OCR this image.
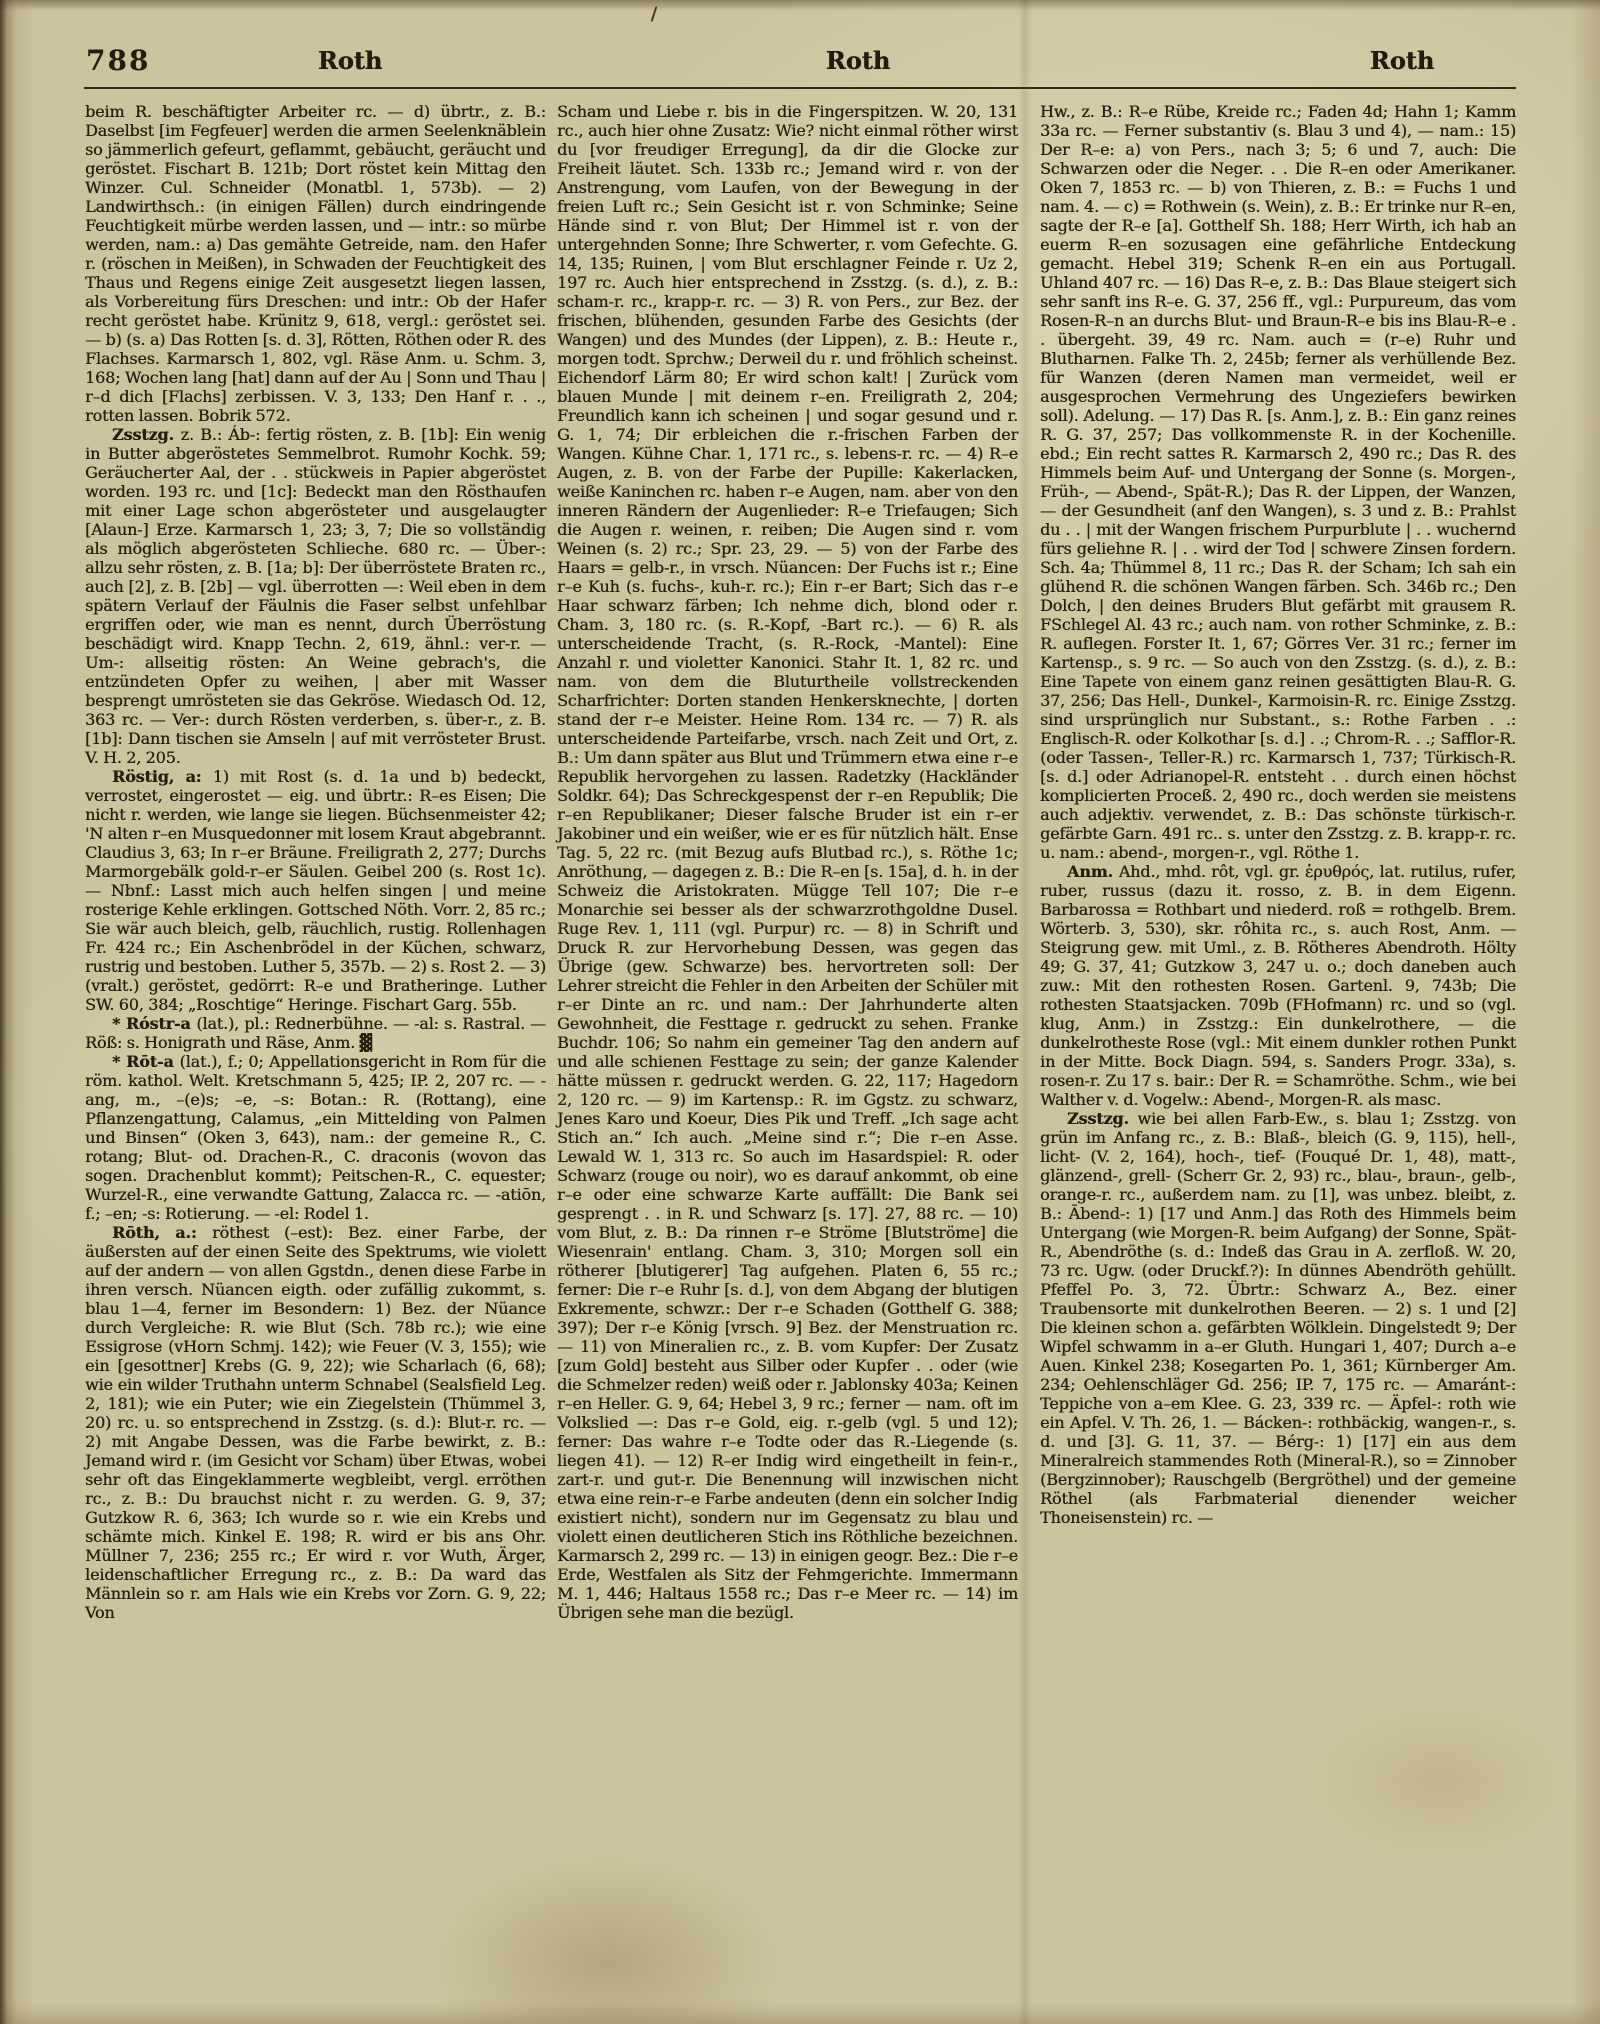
788	Roth	Roth	Roth

beim R. beschäftigter Arbeiter rc. — d) übrtr., z. B.: Daselbst [im Fegfeuer] werden die armen Seelenknäblein so jämmerlich gefeurt, geflammt, gebäucht, geräucht und geröstet. Fischart B. 121b; Dort röstet kein Mittag den Winzer. Cul. Schneider (Monatbl. 1, 573b). — 2) Landwirthsch.: (in einigen Fällen) durch eindringende Feuchtigkeit mürbe werden lassen, und — intr.: so mürbe werden, nam.: a) Das gemähte Getreide, nam. den Hafer r. (röschen in Meißen), in Schwaden der Feuchtigkeit des Thaus und Regens einige Zeit ausgesetzt liegen lassen, als Vorbereitung fürs Dreschen: und intr.: Ob der Hafer recht geröstet habe. Krünitz 9, 618, vergl.: geröstet sei. — b) (s. a) Das Rotten [s. d. 3], Rötten, Röthen oder R. des Flachses. Karmarsch 1, 802, vgl. Räse Anm. u. Schm. 3, 168; Wochen lang [hat] dann auf der Au | Sonn und Thau | r–d dich [Flachs] zerbissen. V. 3, 133; Den Hanf r. . ., rotten lassen. Bobrik 572.

Zsstzg. z. B.: Áb-: fertig rösten, z. B. [1b]: Ein wenig in Butter abgeröstetes Semmelbrot. Rumohr Kochk. 59; Geräucherter Aal, der . . stückweis in Papier abgeröstet worden. 193 rc. und [1c]: Bedeckt man den Rösthaufen mit einer Lage schon abgerösteter und ausgelaugter [Alaun-] Erze. Karmarsch 1, 23; 3, 7; Die so vollständig als möglich abgerösteten Schlieche. 680 rc. — Über-: allzu sehr rösten, z. B. [1a; b]: Der überröstete Braten rc., auch [2], z. B. [2b] — vgl. überrotten —: Weil eben in dem spätern Verlauf der Fäulnis die Faser selbst unfehlbar ergriffen oder, wie man es nennt, durch Überröstung beschädigt wird. Knapp Techn. 2, 619, ähnl.: ver-r. — Um-: allseitig rösten: An Weine gebrach's, die entzündeten Opfer zu weihen, | aber mit Wasser besprengt umrösteten sie das Gekröse. Wiedasch Od. 12, 363 rc. — Ver-: durch Rösten verderben, s. über-r., z. B. [1b]: Dann tischen sie Amseln | auf mit verrösteter Brust. V. H. 2, 205.

Röstig, a: 1) mit Rost (s. d. 1a und b) bedeckt, verrostet, eingerostet — eig. und übrtr.: R–es Eisen; Die nicht r. werden, wie lange sie liegen. Büchsenmeister 42; 'N alten r–en Musquedonner mit losem Kraut abgebrannt. Claudius 3, 63; In r–er Bräune. Freiligrath 2, 277; Durchs Marmorgebälk gold-r–er Säulen. Geibel 200 (s. Rost 1c). — Nbnf.: Lasst mich auch helfen singen | und meine rosterige Kehle erklingen. Gottsched Nöth. Vorr. 2, 85 rc.; Sie wär auch bleich, gelb, räuchlich, rustig. Rollenhagen Fr. 424 rc.; Ein Aschenbrödel in der Küchen, schwarz, rustrig und bestoben. Luther 5, 357b. — 2) s. Rost 2. — 3) (vralt.) geröstet, gedörrt: R–e und Bratheringe. Luther SW. 60, 384; „Roschtige“ Heringe. Fischart Garg. 55b.

* Róstr-a (lat.), pl.: Rednerbühne. — -al: s. Rastral. — Röß: s. Honigrath und Räse, Anm. ▓

* Rōt-a (lat.), f.; 0; Appellationsgericht in Rom für die röm. kathol. Welt. Kretschmann 5, 425; IP. 2, 207 rc. — -ang, m., –(e)s; –e, –s: Botan.: R. (Rottang), eine Pflanzengattung, Calamus, „ein Mittelding von Palmen und Binsen“ (Oken 3, 643), nam.: der gemeine R., C. rotang; Blut- od. Drachen-R., C. draconis (wovon das sogen. Drachenblut kommt); Peitschen-R., C. equester; Wurzel-R., eine verwandte Gattung, Zalacca rc. — -atiōn, f.; –en; -s: Rotierung. — -el: Rodel 1.

Rōth, a.: röthest (–est): Bez. einer Farbe, der äußersten auf der einen Seite des Spektrums, wie violett auf der andern — von allen Ggstdn., denen diese Farbe in ihren versch. Nüancen eigth. oder zufällig zukommt, s. blau 1—4, ferner im Besondern: 1) Bez. der Nüance durch Vergleiche: R. wie Blut (Sch. 78b rc.); wie eine Essigrose (vHorn Schmj. 142); wie Feuer (V. 3, 155); wie ein [gesottner] Krebs (G. 9, 22); wie Scharlach (6, 68); wie ein wilder Truthahn unterm Schnabel (Sealsfield Leg. 2, 181); wie ein Puter; wie ein Ziegelstein (Thümmel 3, 20) rc. u. so entsprechend in Zsstzg. (s. d.): Blut-r. rc. — 2) mit Angabe Dessen, was die Farbe bewirkt, z. B.: Jemand wird r. (im Gesicht vor Scham) über Etwas, wobei sehr oft das Eingeklammerte wegbleibt, vergl. erröthen rc., z. B.: Du brauchst nicht r. zu werden. G. 9, 37; Gutzkow R. 6, 363; Ich wurde so r. wie ein Krebs und schämte mich. Kinkel E. 198; R. wird er bis ans Ohr. Müllner 7, 236; 255 rc.; Er wird r. vor Wuth, Ärger, leidenschaftlicher Erregung rc., z. B.: Da ward das Männlein so r. am Hals wie ein Krebs vor Zorn. G. 9, 22; Von

Scham und Liebe r. bis in die Fingerspitzen. W. 20, 131 rc., auch hier ohne Zusatz: Wie? nicht einmal röther wirst du [vor freudiger Erregung], da dir die Glocke zur Freiheit läutet. Sch. 133b rc.; Jemand wird r. von der Anstrengung, vom Laufen, von der Bewegung in der freien Luft rc.; Sein Gesicht ist r. von Schminke; Seine Hände sind r. von Blut; Der Himmel ist r. von der untergehnden Sonne; Ihre Schwerter, r. vom Gefechte. G. 14, 135; Ruinen, | vom Blut erschlagner Feinde r. Uz 2, 197 rc. Auch hier entsprechend in Zsstzg. (s. d.), z. B.: scham-r. rc., krapp-r. rc. — 3) R. von Pers., zur Bez. der frischen, blühenden, gesunden Farbe des Gesichts (der Wangen) und des Mundes (der Lippen), z. B.: Heute r., morgen todt. Sprchw.; Derweil du r. und fröhlich scheinst. Eichendorf Lärm 80; Er wird schon kalt! | Zurück vom blauen Munde | mit deinem r–en. Freiligrath 2, 204; Freundlich kann ich scheinen | und sogar gesund und r. G. 1, 74; Dir erbleichen die r.-frischen Farben der Wangen. Kühne Char. 1, 171 rc., s. lebens-r. rc. — 4) R–e Augen, z. B. von der Farbe der Pupille: Kakerlacken, weiße Kaninchen rc. haben r–e Augen, nam. aber von den inneren Rändern der Augenlieder: R–e Triefaugen; Sich die Augen r. weinen, r. reiben; Die Augen sind r. vom Weinen (s. 2) rc.; Spr. 23, 29. — 5) von der Farbe des Haars = gelb-r., in vrsch. Nüancen: Der Fuchs ist r.; Eine r–e Kuh (s. fuchs-, kuh-r. rc.); Ein r–er Bart; Sich das r–e Haar schwarz färben; Ich nehme dich, blond oder r. Cham. 3, 180 rc. (s. R.-Kopf, -Bart rc.). — 6) R. als unterscheidende Tracht, (s. R.-Rock, -Mantel): Eine Anzahl r. und violetter Kanonici. Stahr It. 1, 82 rc. und nam. von dem die Bluturtheile vollstreckenden Scharfrichter: Dorten standen Henkersknechte, | dorten stand der r–e Meister. Heine Rom. 134 rc. — 7) R. als unterscheidende Parteifarbe, vrsch. nach Zeit und Ort, z. B.: Um dann später aus Blut und Trümmern etwa eine r–e Republik hervorgehen zu lassen. Radetzky (Hackländer Soldkr. 64); Das Schreckgespenst der r–en Republik; Die r–en Republikaner; Dieser falsche Bruder ist ein r–er Jakobiner und ein weißer, wie er es für nützlich hält. Ense Tag. 5, 22 rc. (mit Bezug aufs Blutbad rc.), s. Röthe 1c; Anröthung, — dagegen z. B.: Die R–en [s. 15a], d. h. in der Schweiz die Aristokraten. Mügge Tell 107; Die r–e Monarchie sei besser als der schwarzrothgoldne Dusel. Ruge Rev. 1, 111 (vgl. Purpur) rc. — 8) in Schrift und Druck R. zur Hervorhebung Dessen, was gegen das Übrige (gew. Schwarze) bes. hervortreten soll: Der Lehrer streicht die Fehler in den Arbeiten der Schüler mit r–er Dinte an rc. und nam.: Der Jahrhunderte alten Gewohnheit, die Festtage r. gedruckt zu sehen. Franke Buchdr. 106; So nahm ein gemeiner Tag den andern auf und alle schienen Festtage zu sein; der ganze Kalender hätte müssen r. gedruckt werden. G. 22, 117; Hagedorn 2, 120 rc. — 9) im Kartensp.: R. im Ggstz. zu schwarz, Jenes Karo und Koeur, Dies Pik und Treff. „Ich sage acht Stich an.“ Ich auch. „Meine sind r.“; Die r–en Asse. Lewald W. 1, 313 rc. So auch im Hasardspiel: R. oder Schwarz (rouge ou noir), wo es darauf ankommt, ob eine r–e oder eine schwarze Karte auffällt: Die Bank sei gesprengt . . in R. und Schwarz [s. 17]. 27, 88 rc. — 10) vom Blut, z. B.: Da rinnen r–e Ströme [Blutströme] die Wiesenrain' entlang. Cham. 3, 310; Morgen soll ein rötherer [blutigerer] Tag aufgehen. Platen 6, 55 rc.; ferner: Die r–e Ruhr [s. d.], von dem Abgang der blutigen Exkremente, schwzr.: Der r–e Schaden (Gotthelf G. 388; 397); Der r–e König [vrsch. 9] Bez. der Menstruation rc. — 11) von Mineralien rc., z. B. vom Kupfer: Der Zusatz [zum Gold] besteht aus Silber oder Kupfer . . oder (wie die Schmelzer reden) weiß oder r. Jablonsky 403a; Keinen r–en Heller. G. 9, 64; Hebel 3, 9 rc.; ferner — nam. oft im Volkslied —: Das r–e Gold, eig. r.-gelb (vgl. 5 und 12); ferner: Das wahre r–e Todte oder das R.-Liegende (s. liegen 41). — 12) R–er Indig wird eingetheilt in fein-r., zart-r. und gut-r. Die Benennung will inzwischen nicht etwa eine rein-r–e Farbe andeuten (denn ein solcher Indig existiert nicht), sondern nur im Gegensatz zu blau und violett einen deutlicheren Stich ins Röthliche bezeichnen. Karmarsch 2, 299 rc. — 13) in einigen geogr. Bez.: Die r–e Erde, Westfalen als Sitz der Fehmgerichte. Immermann M. 1, 446; Haltaus 1558 rc.; Das r–e Meer rc. — 14) im Übrigen sehe man die bezügl.

Hw., z. B.: R–e Rübe, Kreide rc.; Faden 4d; Hahn 1; Kamm 33a rc. — Ferner substantiv (s. Blau 3 und 4), — nam.: 15) Der R–e: a) von Pers., nach 3; 5; 6 und 7, auch: Die Schwarzen oder die Neger. . . Die R–en oder Amerikaner. Oken 7, 1853 rc. — b) von Thieren, z. B.: = Fuchs 1 und nam. 4. — c) = Rothwein (s. Wein), z. B.: Er trinke nur R–en, sagte der R–e [a]. Gotthelf Sh. 188; Herr Wirth, ich hab an euerm R–en sozusagen eine gefährliche Entdeckung gemacht. Hebel 319; Schenk R–en ein aus Portugall. Uhland 407 rc. — 16) Das R–e, z. B.: Das Blaue steigert sich sehr sanft ins R–e. G. 37, 256 ff., vgl.: Purpureum, das vom Rosen-R–n an durchs Blut- und Braun-R–e bis ins Blau-R–e . . übergeht. 39, 49 rc. Nam. auch = (r–e) Ruhr und Blutharnen. Falke Th. 2, 245b; ferner als verhüllende Bez. für Wanzen (deren Namen man vermeidet, weil er ausgesprochen Vermehrung des Ungeziefers bewirken soll). Adelung. — 17) Das R. [s. Anm.], z. B.: Ein ganz reines R. G. 37, 257; Das vollkommenste R. in der Kochenille. ebd.; Ein recht sattes R. Karmarsch 2, 490 rc.; Das R. des Himmels beim Auf- und Untergang der Sonne (s. Morgen-, Früh-, — Abend-, Spät-R.); Das R. der Lippen, der Wanzen, — der Gesundheit (anf den Wangen), s. 3 und z. B.: Prahlst du . . | mit der Wangen frischem Purpurblute | . . wuchernd fürs geliehne R. | . . wird der Tod | schwere Zinsen fordern. Sch. 4a; Thümmel 8, 11 rc.; Das R. der Scham; Ich sah ein glühend R. die schönen Wangen färben. Sch. 346b rc.; Den Dolch, | den deines Bruders Blut gefärbt mit grausem R. FSchlegel Al. 43 rc.; auch nam. von rother Schminke, z. B.: R. auflegen. Forster It. 1, 67; Görres Ver. 31 rc.; ferner im Kartensp., s. 9 rc. — So auch von den Zsstzg. (s. d.), z. B.: Eine Tapete von einem ganz reinen gesättigten Blau-R. G. 37, 256; Das Hell-, Dunkel-, Karmoisin-R. rc. Einige Zsstzg. sind ursprünglich nur Substant., s.: Rothe Farben . .: Englisch-R. oder Kolkothar [s. d.] . .; Chrom-R. . .; Safflor-R. (oder Tassen-, Teller-R.) rc. Karmarsch 1, 737; Türkisch-R. [s. d.] oder Adrianopel-R. entsteht . . durch einen höchst komplicierten Proceß. 2, 490 rc., doch werden sie meistens auch adjektiv. verwendet, z. B.: Das schönste türkisch-r. gefärbte Garn. 491 rc.. s. unter den Zsstzg. z. B. krapp-r. rc. u. nam.: abend-, morgen-r., vgl. Röthe 1.

Anm. Ahd., mhd. rôt, vgl. gr. ἐρυθρός, lat. rutilus, rufer, ruber, russus (dazu it. rosso, z. B. in dem Eigenn. Barbarossa = Rothbart und niederd. roß = rothgelb. Brem. Wörterb. 3, 530), skr. rôhita rc., s. auch Rost, Anm. — Steigrung gew. mit Uml., z. B. Rötheres Abendroth. Hölty 49; G. 37, 41; Gutzkow 3, 247 u. o.; doch daneben auch zuw.: Mit den rothesten Rosen. Gartenl. 9, 743b; Die rothesten Staatsjacken. 709b (FHofmann) rc. und so (vgl. klug, Anm.) in Zsstzg.: Ein dunkelrothere, — die dunkelrotheste Rose (vgl.: Mit einem dunkler rothen Punkt in der Mitte. Bock Diagn. 594, s. Sanders Progr. 33a), s. rosen-r. Zu 17 s. bair.: Der R. = Schamröthe. Schm., wie bei Walther v. d. Vogelw.: Abend-, Morgen-R. als masc.

Zsstzg. wie bei allen Farb-Ew., s. blau 1; Zsstzg. von grün im Anfang rc., z. B.: Blaß-, bleich (G. 9, 115), hell-, licht- (V. 2, 164), hoch-, tief- (Fouqué Dr. 1, 48), matt-, glänzend-, grell- (Scherr Gr. 2, 93) rc., blau-, braun-, gelb-, orange-r. rc., außerdem nam. zu [1], was unbez. bleibt, z. B.: Ābend-: 1) [17 und Anm.] das Roth des Himmels beim Untergang (wie Morgen-R. beim Aufgang) der Sonne, Spät-R., Abendröthe (s. d.: Indeß das Grau in A. zerfloß. W. 20, 73 rc. Ugw. (oder Druckf.?): In dünnes Abendröth gehüllt. Pfeffel Po. 3, 72. Übrtr.: Schwarz A., Bez. einer Traubensorte mit dunkelrothen Beeren. — 2) s. 1 und [2] Die kleinen schon a. gefärbten Wölklein. Dingelstedt 9; Der Wipfel schwamm in a–er Gluth. Hungari 1, 407; Durch a–e Auen. Kinkel 238; Kosegarten Po. 1, 361; Kürnberger Am. 234; Oehlenschläger Gd. 256; IP. 7, 175 rc. — Amaránt-: Teppiche von a–em Klee. G. 23, 339 rc. — Äpfel-: roth wie ein Apfel. V. Th. 26, 1. — Bácken-: rothbäckig, wangen-r., s. d. und [3]. G. 11, 37. — Bérg-: 1) [17] ein aus dem Mineralreich stammendes Roth (Mineral-R.), so = Zinnober (Bergzinnober); Rauschgelb (Bergröthel) und der gemeine Röthel (als Farbmaterial dienender weicher Thoneisenstein) rc. —
